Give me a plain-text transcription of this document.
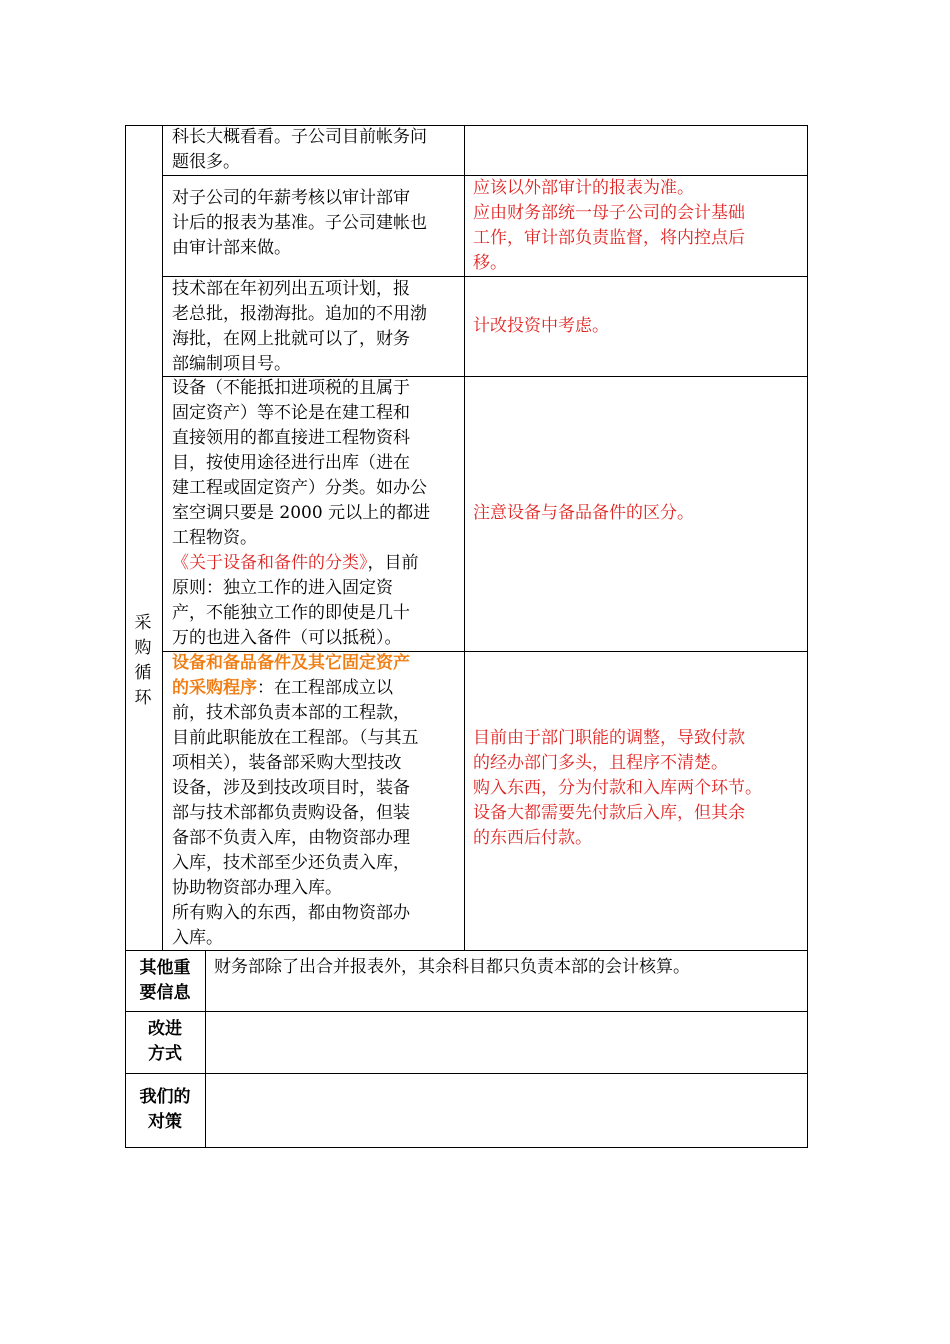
采
购
循
环
科长大概看看。子公司目前帐务问
题很多。
对子公司的年薪考核以审计部审
计后的报表为基准。子公司建帐也
由审计部来做。
应该以外部审计的报表为准。
应由财务部统一母子公司的会计基础
工作，审计部负责监督，将内控点后
移。
技术部在年初列出五项计划，报
老总批，报渤海批。追加的不用渤
海批，在网上批就可以了，财务
部编制项目号。
计改投资中考虑。
设备（不能抵扣进项税的且属于
固定资产）等不论是在建工程和
直接领用的都直接进工程物资科
目，按使用途径进行出库（进在
建工程或固定资产）分类。如办公
室空调只要是 2000 元以上的都进
工程物资。
《关于设备和备件的分类》，目前
原则：独立工作的进入固定资
产，不能独立工作的即使是几十
万的也进入备件（可以抵税）。
注意设备与备品备件的区分。
设备和备品备件及其它固定资产
的采购程序：在工程部成立以
前，技术部负责本部的工程款，
目前此职能放在工程部。（与其五
项相关），装备部采购大型技改
设备，涉及到技改项目时，装备
部与技术部都负责购设备，但装
备部不负责入库，由物资部办理
入库，技术部至少还负责入库，
协助物资部办理入库。
所有购入的东西，都由物资部办
入库。
目前由于部门职能的调整，导致付款
的经办部门多头，且程序不清楚。
购入东西，分为付款和入库两个环节。
设备大都需要先付款后入库，但其余
的东西后付款。
其他重
要信息
财务部除了出合并报表外，其余科目都只负责本部的会计核算。
改进
方式
我们的
对策
